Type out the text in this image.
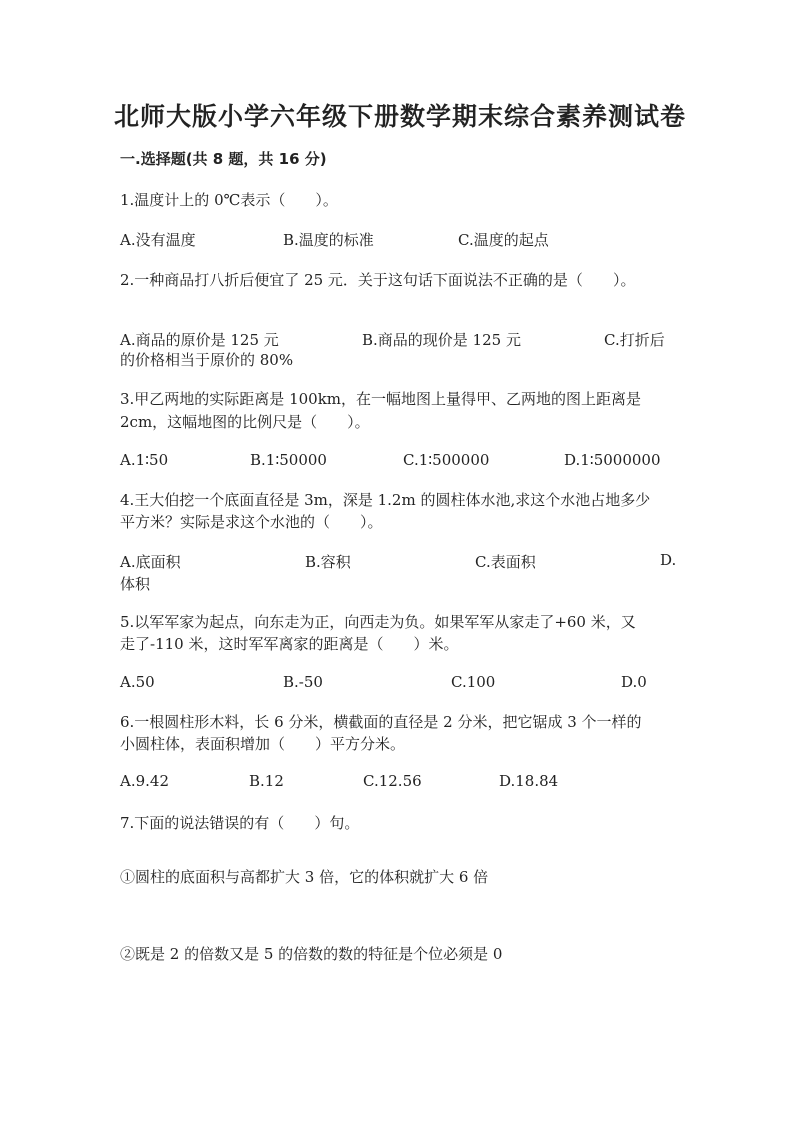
北师大版小学六年级下册数学期末综合素养测试卷
一.选择题(共 8 题，共 16 分)
1.温度计上的 0℃表示（　　）。
A.没有温度	B.温度的标准	C.温度的起点
2.一种商品打八折后便宜了 25 元．关于这句话下面说法不正确的是（　　）。
A.商品的原价是 125 元	B.商品的现价是 125 元	C.打折后
的价格相当于原价的 80%
3.甲乙两地的实际距离是 100km，在一幅地图上量得甲、乙两地的图上距离是
2cm，这幅地图的比例尺是（　　）。
A.1∶50	B.1∶50000	C.1∶500000	D.1∶5000000
4.王大伯挖一个底面直径是 3m，深是 1.2m 的圆柱体水池,求这个水池占地多少
平方米？实际是求这个水池的（　　）。
A.底面积	B.容积	C.表面积	D.
体积
5.以军军家为起点，向东走为正，向西走为负。如果军军从家走了+60 米，又
走了-110 米，这时军军离家的距离是（　　）米。
A.50	B.-50	C.100	D.0
6.一根圆柱形木料，长 6 分米，横截面的直径是 2 分米，把它锯成 3 个一样的
小圆柱体，表面积增加（　　）平方分米。
A.9.42	B.12	C.12.56	D.18.84
7.下面的说法错误的有（　　）句。
①圆柱的底面积与高都扩大 3 倍，它的体积就扩大 6 倍
②既是 2 的倍数又是 5 的倍数的数的特征是个位必须是 0
